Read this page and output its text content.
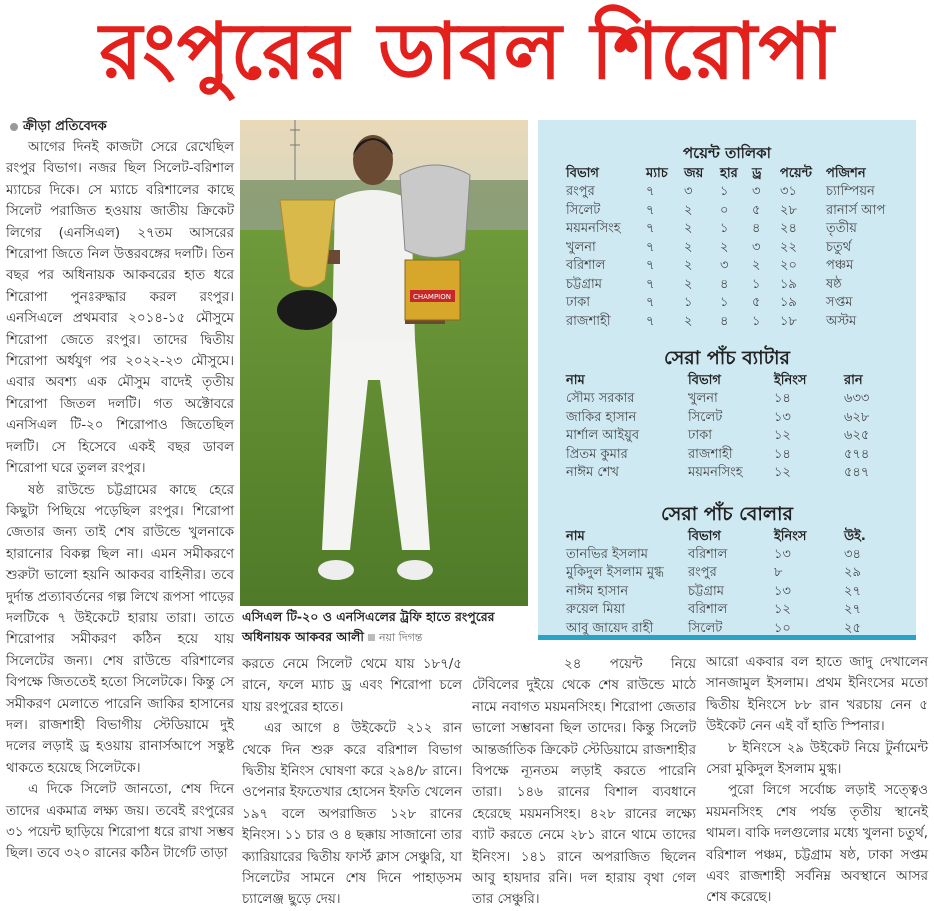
রংপুরের ডাবল শিরোপা
ক্রীড়া প্রতিবেদক

আগের দিনই কাজটা সেরে রেখেছিল রংপুর বিভাগ। নজর ছিল সিলেট-বরিশাল ম্যাচের দিকে। সে ম্যাচে বরিশালের কাছে সিলেট পরাজিত হওয়ায় জাতীয় ক্রিকেট লিগের (এনসিএল) ২৭তম আসরের শিরোপা জিতে নিল উত্তরবঙ্গের দলটি। তিন বছর পর অধিনায়ক আকবরের হাত ধরে শিরোপা পুনঃরুদ্ধার করল রংপুর। এনসিএলে প্রথমবার ২০১৪-১৫ মৌসুমে শিরোপা জেতে রংপুর। তাদের দ্বিতীয় শিরোপা অর্ধযুগ পর ২০২২-২৩ মৌসুমে। এবার অবশ্য এক মৌসুম বাদেই তৃতীয় শিরোপা জিতল দলটি। গত অক্টোবরে এনসিএল টি-২০ শিরোপাও জিতেছিল দলটি। সে হিসেবে একই বছর ডাবল শিরোপা ঘরে তুলল রংপুর।

ষষ্ঠ রাউন্ডে চট্টগ্রামের কাছে হেরে কিছুটা পিছিয়ে পড়েছিল রংপুর। শিরোপা জেতার জন্য তাই শেষ রাউন্ডে খুলনাকে হারানোর বিকল্প ছিল না। এমন সমীকরণে শুরুটা ভালো হয়নি আকবর বাহিনীর। তবে দুর্দান্ত প্রত্যাবর্তনের গল্প লিখে রূপসা পাড়ের দলটিকে ৭ উইকেটে হারায় তারা। তাতে শিরোপার সমীকরণ কঠিন হয়ে যায় সিলেটের জন্য। শেষ রাউন্ডে বরিশালের বিপক্ষে জিততেই হতো সিলেটকে। কিন্তু সে সমীকরণ মেলাতে পারেনি জাকির হাসানের দল। রাজশাহী বিভাগীয় স্টেডিয়ামে দুই দলের লড়াই ড্র হওয়ায় রানার্সআপে সন্তুষ্ট থাকতে হয়েছে সিলেটকে।

এ দিকে সিলেট জানতো, শেষ দিনে তাদের একমাত্র লক্ষ্য জয়। তবেই রংপুরের ৩১ পয়েন্ট ছাড়িয়ে শিরোপা ধরে রাখা সম্ভব ছিল। তবে ৩২০ রানের কঠিন টার্গেট তাড়া

CHAMPION
এসিএল টি-২০ ও এনসিএলের ট্রফি হাতে রংপুরের অধিনায়ক আকবর আলী নয়া দিগন্ত
পয়েন্ট তালিকা
বিভাগ	ম্যাচ	জয়	হার	ড্র	পয়েন্ট	পজিশন
রংপুর	৭	৩	১	৩	৩১	চ্যাম্পিয়ন
সিলেট	৭	২	০	৫	২৮	রানার্স আপ
ময়মনসিংহ	৭	২	১	৪	২৪	তৃতীয়
খুলনা	৭	২	২	৩	২২	চতুর্থ
বরিশাল	৭	২	৩	২	২০	পঞ্চম
চট্টগ্রাম	৭	২	৪	১	১৯	ষষ্ঠ
ঢাকা	৭	১	১	৫	১৯	সপ্তম
রাজশাহী	৭	২	৪	১	১৮	অস্টম
সেরা পাঁচ ব্যাটার
নাম	বিভাগ	ইনিংস	রান
সৌম্য সরকার	খুলনা	১৪	৬৩৩
জাকির হাসান	সিলেট	১৩	৬২৮
মার্শাল আইয়ুব	ঢাকা	১২	৬২৫
প্রিতম কুমার	রাজশাহী	১৪	৫৭৪
নাঈম শেখ	ময়মনসিংহ	১২	৫৪৭
সেরা পাঁচ বোলার
নাম	বিভাগ	ইনিংস	উই.
তানভির ইসলাম	বরিশাল	১৩	৩৪
মুকিদুল ইসলাম মুগ্ধ	রংপুর	৮	২৯
নাঈম হাসান	চট্টগ্রাম	১৩	২৭
রুয়েল মিয়া	বরিশাল	১২	২৭
আবু জায়েদ রাহী	সিলেট	১০	২৫

করতে নেমে সিলেট থেমে যায় ১৮৭/৫ রানে, ফলে ম্যাচ ড্র এবং শিরোপা চলে যায় রংপুরের হাতে।

এর আগে ৪ উইকেটে ২১২ রান থেকে দিন শুরু করে বরিশাল বিভাগ দ্বিতীয় ইনিংস ঘোষণা করে ২৯৪/৮ রানে। ওপেনার ইফতেখার হোসেন ইফতি খেলেন ১৯৭ বলে অপরাজিত ১২৮ রানের ইনিংস। ১১ চার ও ৪ ছক্কায় সাজানো তার ক্যারিয়ারের দ্বিতীয় ফার্স্ট ক্লাস সেঞ্চুরি, যা সিলেটের সামনে শেষ দিনে পাহাড়সম চ্যালেঞ্জ ছুড়ে দেয়।

২৪ পয়েন্ট নিয়ে টেবিলের দুইয়ে থেকে শেষ রাউন্ডে মাঠে নামে নবাগত ময়মনসিংহ। শিরোপা জেতার ভালো সম্ভাবনা ছিল তাদের। কিন্তু সিলেট আন্তর্জাতিক ক্রিকেট স্টেডিয়ামে রাজশাহীর বিপক্ষে ন্যূনতম লড়াই করতে পারেনি তারা। ১৪৬ রানের বিশাল ব্যবধানে হেরেছে ময়মনসিংহ। ৪২৮ রানের লক্ষ্যে ব্যাট করতে নেমে ২৮১ রানে থামে তাদের ইনিংস। ১৪১ রানে অপরাজিত ছিলেন আবু হায়দার রনি। দল হারায় বৃথা গেল তার সেঞ্চুরি।

আরো একবার বল হাতে জাদু দেখালেন সানজামুল ইসলাম। প্রথম ইনিংসের মতো দ্বিতীয় ইনিংসে ৮৮ রান খরচায় নেন ৫ উইকেট নেন এই বাঁ হাতি স্পিনার।

৮ ইনিংসে ২৯ উইকেট নিয়ে টুর্নামেন্ট সেরা মুকিদুল ইসলাম মুগ্ধ।

পুরো লিগে সর্বোচ্চ লড়াই সত্ত্বেও ময়মনসিংহ শেষ পর্যন্ত তৃতীয় স্থানেই থামল। বাকি দলগুলোর মধ্যে খুলনা চতুর্থ, বরিশাল পঞ্চম, চট্টগ্রাম ষষ্ঠ, ঢাকা সপ্তম এবং রাজশাহী সর্বনিম্ন অবস্থানে আসর শেষ করেছে।
